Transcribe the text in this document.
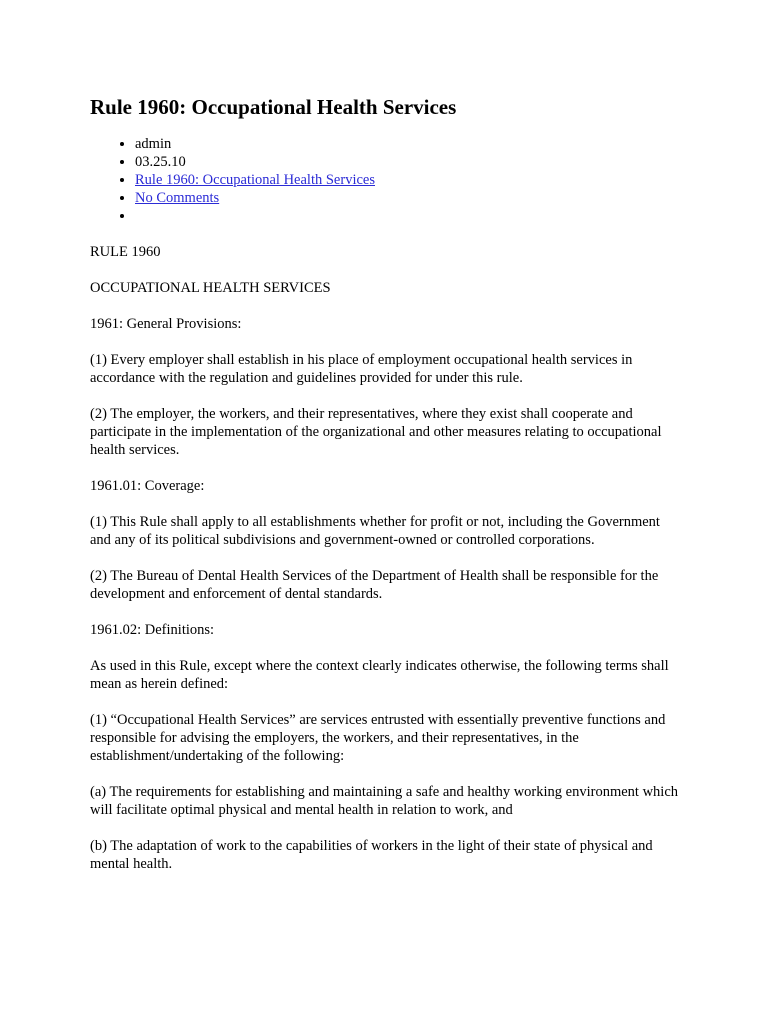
Rule 1960: Occupational Health Services
• admin
• 03.25.10
• Rule 1960: Occupational Health Services
• No Comments
•

RULE 1960

OCCUPATIONAL HEALTH SERVICES

1961: General Provisions:

(1) Every employer shall establish in his place of employment occupational health services in accordance with the regulation and guidelines provided for under this rule.

(2) The employer, the workers, and their representatives, where they exist shall cooperate and participate in the implementation of the organizational and other measures relating to occupational health services.

1961.01: Coverage:

(1) This Rule shall apply to all establishments whether for profit or not, including the Government and any of its political subdivisions and government-owned or controlled corporations.

(2) The Bureau of Dental Health Services of the Department of Health shall be responsible for the development and enforcement of dental standards.

1961.02: Definitions:

As used in this Rule, except where the context clearly indicates otherwise, the following terms shall mean as herein defined:

(1) “Occupational Health Services” are services entrusted with essentially preventive functions and responsible for advising the employers, the workers, and their representatives, in the establishment/undertaking of the following:

(a) The requirements for establishing and maintaining a safe and healthy working environment which will facilitate optimal physical and mental health in relation to work, and

(b) The adaptation of work to the capabilities of workers in the light of their state of physical and mental health.
